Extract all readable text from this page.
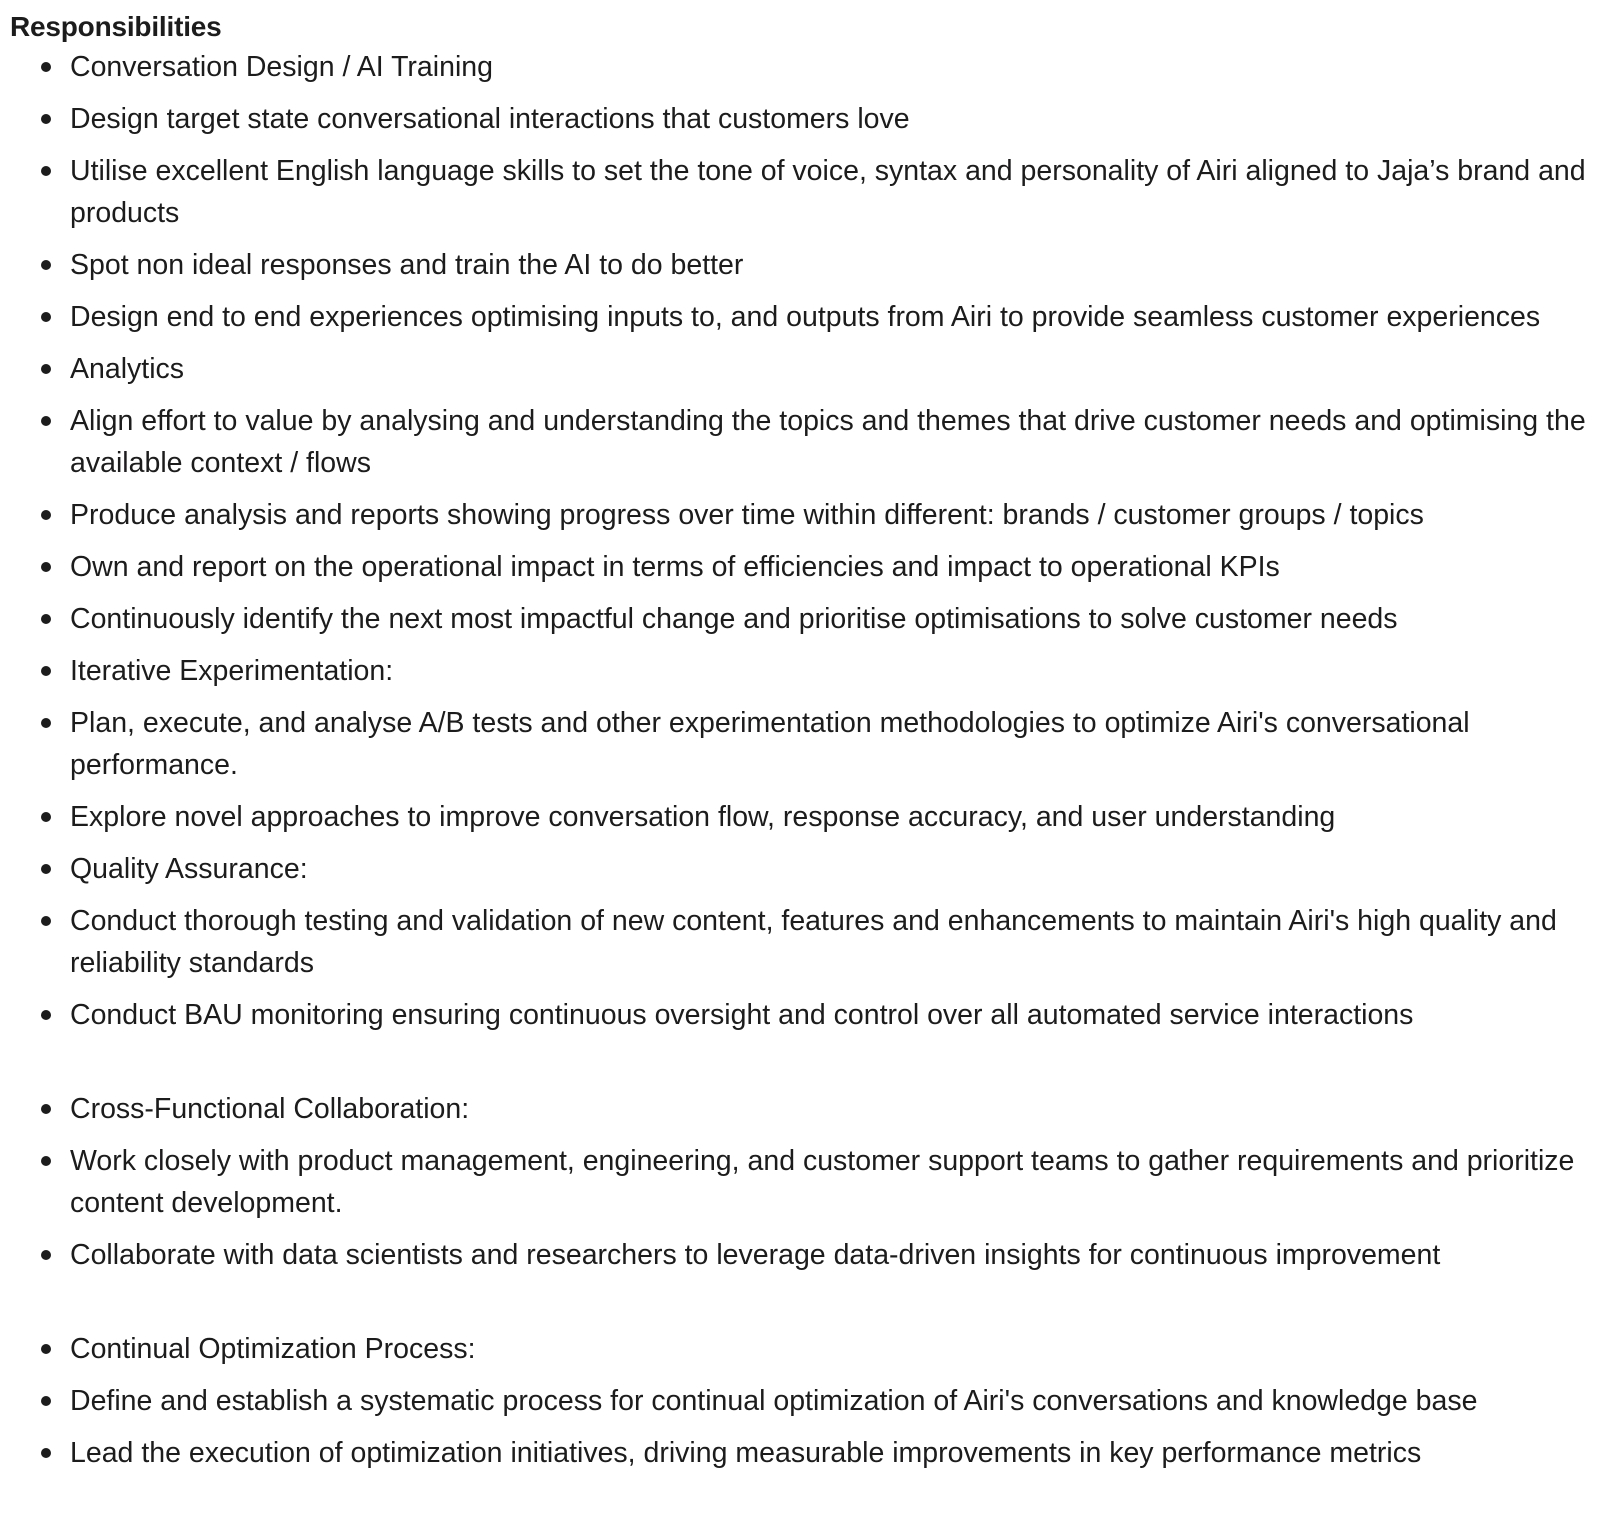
Responsibilities
Conversation Design / AI Training
Design target state conversational interactions that customers love
Utilise excellent English language skills to set the tone of voice, syntax and personality of Airi aligned to Jaja’s brand and products
Spot non ideal responses and train the AI to do better
Design end to end experiences optimising inputs to, and outputs from Airi to provide seamless customer experiences
Analytics
Align effort to value by analysing and understanding the topics and themes that drive customer needs and optimising the available context / flows
Produce analysis and reports showing progress over time within different: brands / customer groups / topics
Own and report on the operational impact in terms of efficiencies and impact to operational KPIs
Continuously identify the next most impactful change and prioritise optimisations to solve customer needs
Iterative Experimentation:
Plan, execute, and analyse A/B tests and other experimentation methodologies to optimize Airi's conversational performance.
Explore novel approaches to improve conversation flow, response accuracy, and user understanding
Quality Assurance:
Conduct thorough testing and validation of new content, features and enhancements to maintain Airi's high quality and reliability standards
Conduct BAU monitoring ensuring continuous oversight and control over all automated service interactions
Cross-Functional Collaboration:
Work closely with product management, engineering, and customer support teams to gather requirements and prioritize content development.
Collaborate with data scientists and researchers to leverage data-driven insights for continuous improvement
Continual Optimization Process:
Define and establish a systematic process for continual optimization of Airi's conversations and knowledge base
Lead the execution of optimization initiatives, driving measurable improvements in key performance metrics
